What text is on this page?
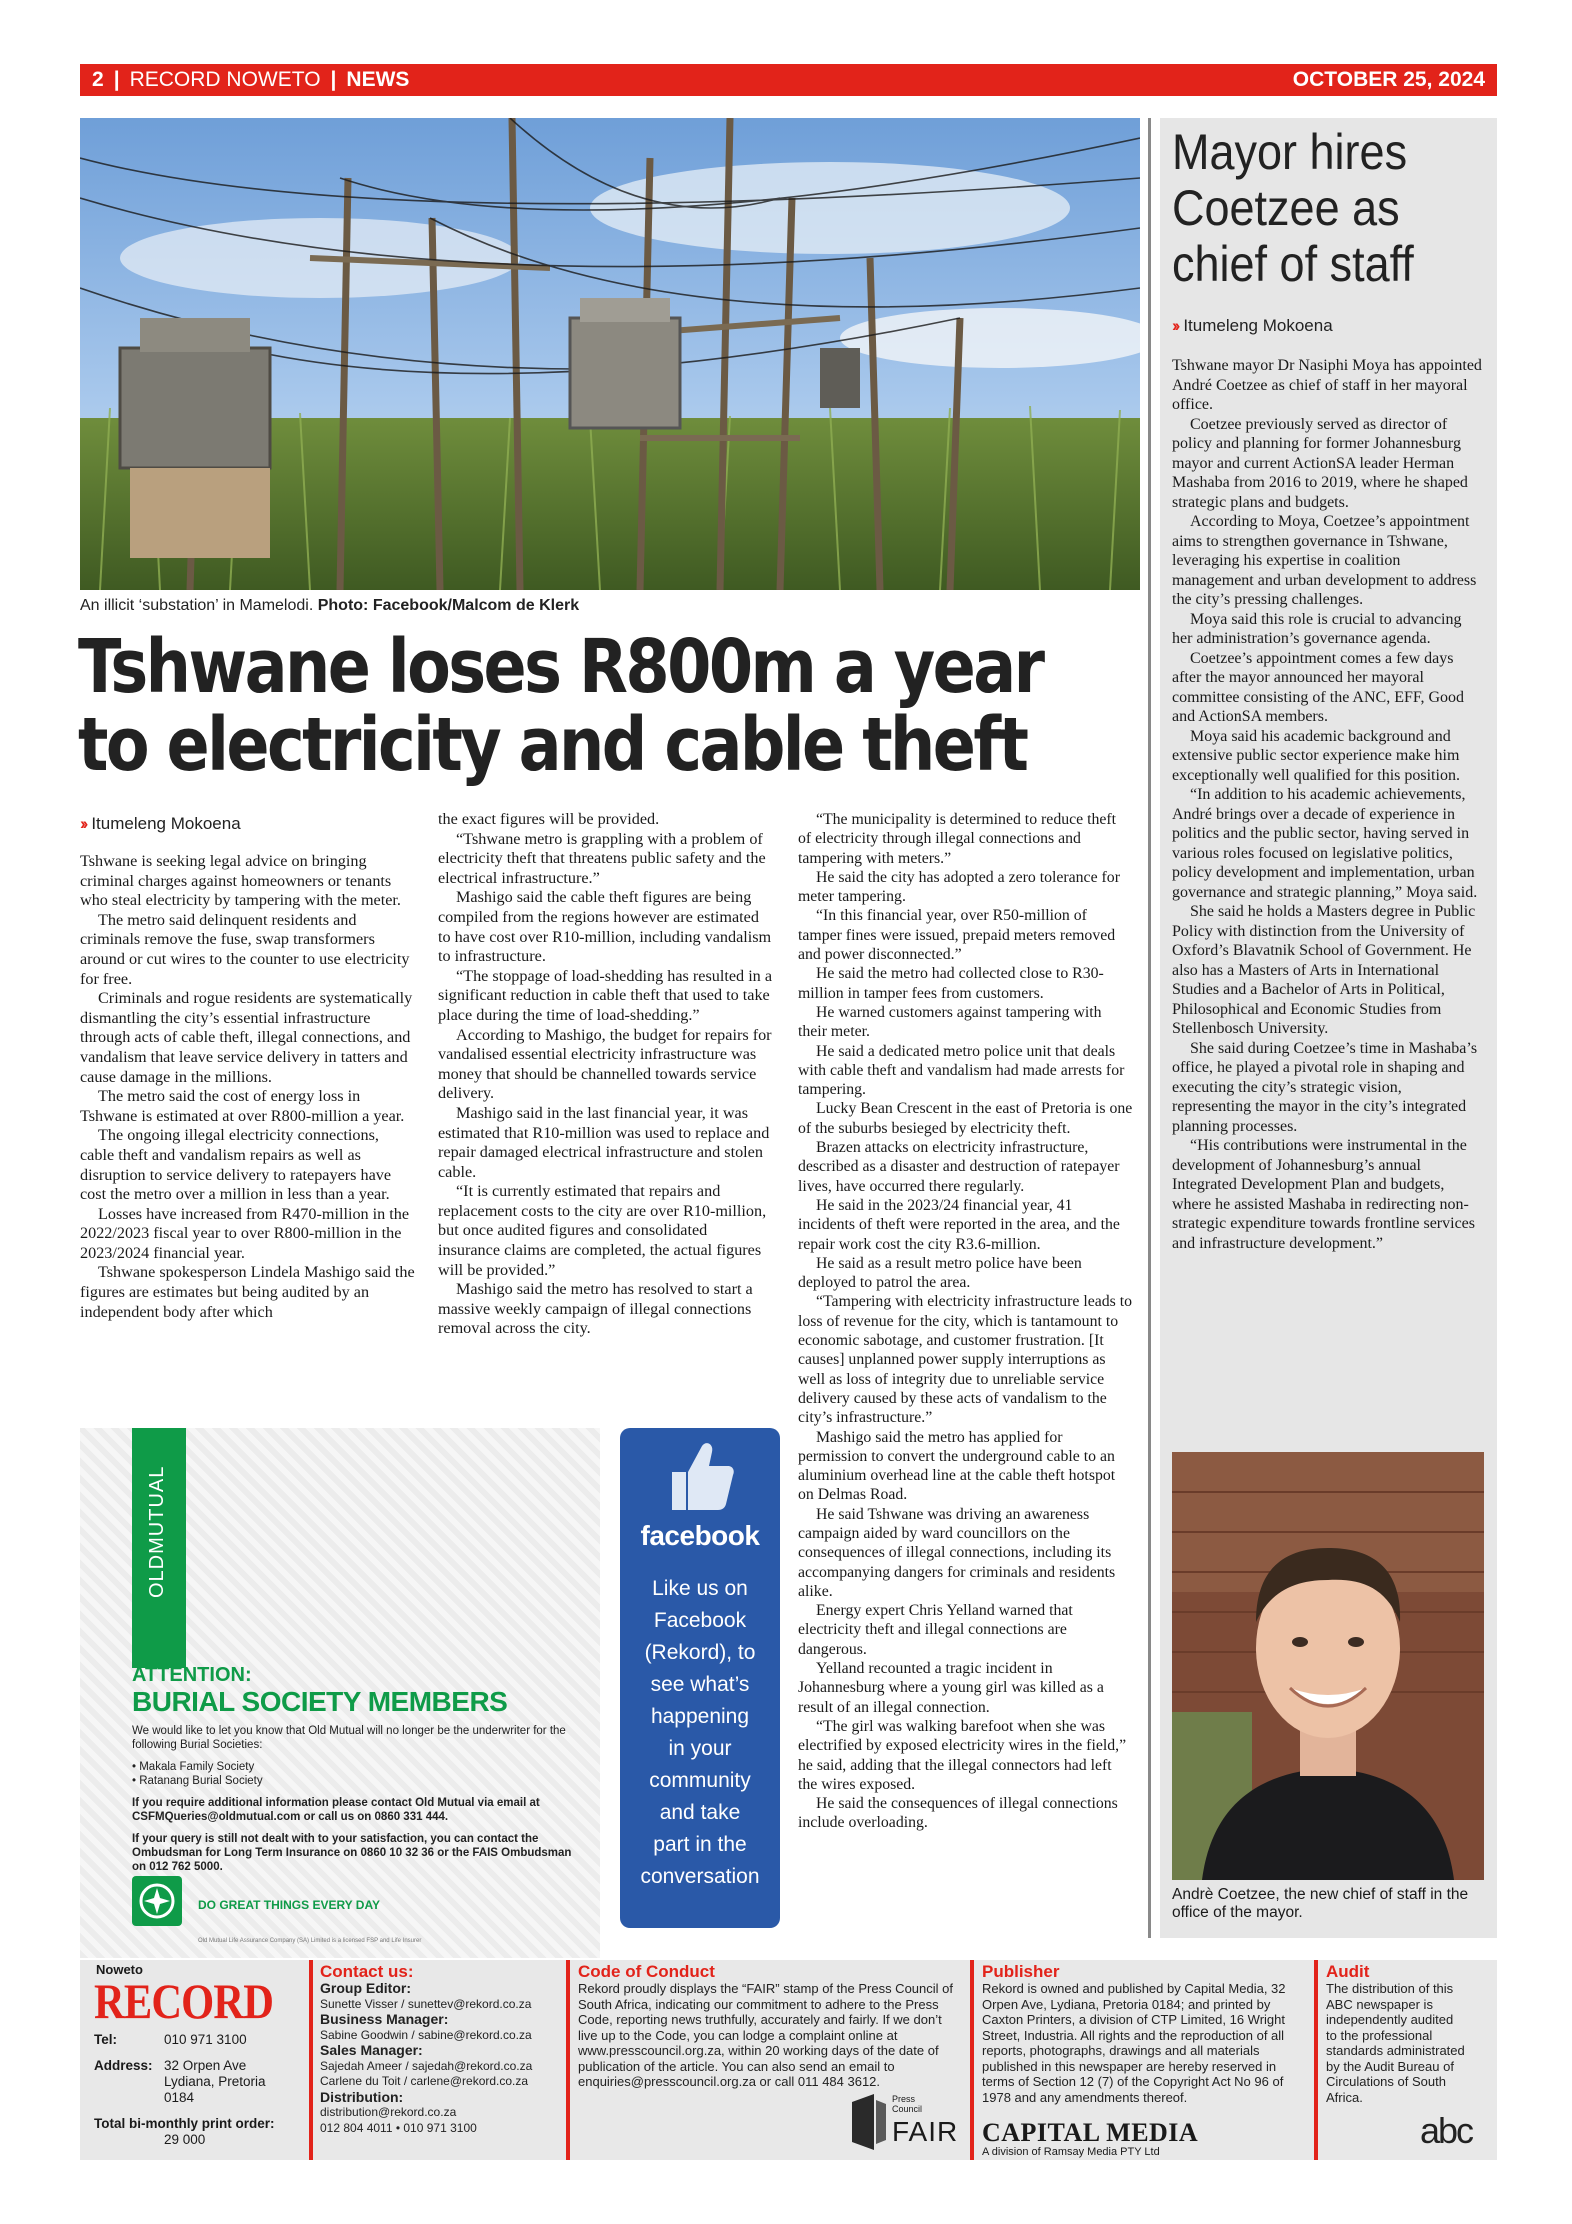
2 | RECORD NOWETO | NEWS	OCTOBER 25, 2024
An illicit ‘substation’ in Mamelodi. Photo: Facebook/Malcom de Klerk
Tshwane loses R800m a year
to electricity and cable theft
›› Itumeleng Mokoena

Tshwane is seeking legal advice on bringing criminal charges against homeowners or tenants who steal electricity by tampering with the meter.

The metro said delinquent residents and criminals remove the fuse, swap transformers around or cut wires to the counter to use electricity for free.

Criminals and rogue residents are systematically dismantling the city’s essential infrastructure through acts of cable theft, illegal connections, and vandalism that leave service delivery in tatters and cause damage in the millions.

The metro said the cost of energy loss in Tshwane is estimated at over R800-million a year.

The ongoing illegal electricity connections, cable theft and vandalism repairs as well as disruption to service delivery to ratepayers have cost the metro over a million in less than a year.

Losses have increased from R470-million in the 2022/2023 fiscal year to over R800-million in the 2023/2024 financial year.

Tshwane spokesperson Lindela Mashigo said the figures are estimates but being audited by an independent body after which

the exact figures will be provided.

“Tshwane metro is grappling with a problem of electricity theft that threatens public safety and the electrical infrastructure.”

Mashigo said the cable theft figures are being compiled from the regions however are estimated to have cost over R10-million, including vandalism to infrastructure.

“The stoppage of load-shedding has resulted in a significant reduction in cable theft that used to take place during the time of load-shedding.”

According to Mashigo, the budget for repairs for vandalised essential electricity infrastructure was money that should be channelled towards service delivery.

Mashigo said in the last financial year, it was estimated that R10-million was used to replace and repair damaged electrical infrastructure and stolen cable.

“It is currently estimated that repairs and replacement costs to the city are over R10-million, but once audited figures and consolidated insurance claims are completed, the actual figures will be provided.”

Mashigo said the metro has resolved to start a massive weekly campaign of illegal connections removal across the city.

“The municipality is determined to reduce theft of electricity through illegal connections and tampering with meters.”

He said the city has adopted a zero tolerance for meter tampering.

“In this financial year, over R50-million of tamper fines were issued, prepaid meters removed and power disconnected.”

He said the metro had collected close to R30-million in tamper fees from customers.

He warned customers against tampering with their meter.

He said a dedicated metro police unit that deals with cable theft and vandalism had made arrests for tampering.

Lucky Bean Crescent in the east of Pretoria is one of the suburbs besieged by electricity theft.

Brazen attacks on electricity infrastructure, described as a disaster and destruction of ratepayer lives, have occurred there regularly.

He said in the 2023/24 financial year, 41 incidents of theft were reported in the area, and the repair work cost the city R3.6-million.

He said as a result metro police have been deployed to patrol the area.

“Tampering with electricity infrastructure leads to loss of revenue for the city, which is tantamount to economic sabotage, and customer frustration. [It causes] unplanned power supply interruptions as well as loss of integrity due to unreliable service delivery caused by these acts of vandalism to the city’s infrastructure.”

Mashigo said the metro has applied for permission to convert the underground cable to an aluminium overhead line at the cable theft hotspot on Delmas Road.

He said Tshwane was driving an awareness campaign aided by ward councillors on the consequences of illegal connections, including its accompanying dangers for criminals and residents alike.

Energy expert Chris Yelland warned that electricity theft and illegal connections are dangerous.

Yelland recounted a tragic incident in Johannesburg where a young girl was killed as a result of an illegal connection.

“The girl was walking barefoot when she was electrified by exposed electricity wires in the field,” he said, adding that the illegal connectors had left the wires exposed.

He said the consequences of illegal connections include overloading.

OLDMUTUAL
ATTENTION:
BURIAL SOCIETY MEMBERS
We would like to let you know that Old Mutual will no longer be the underwriter for the following Burial Societies:
• Makala Family Society
• Ratanang Burial Society
If you require additional information please contact Old Mutual via email at CSFMQueries@oldmutual.com or call us on 0860 331 444.
If your query is still not dealt with to your satisfaction, you can contact the Ombudsman for Long Term Insurance on 0860 10 32 36 or the FAIS Ombudsman on 012 762 5000.
DO GREAT THINGS EVERY DAY
Old Mutual Life Assurance Company (SA) Limited is a licensed FSP and Life Insurer
facebook
Like us on
Facebook
(Rekord), to
see what’s
happening
in your
community
and take
part in the
conversation
Mayor hires
Coetzee as
chief of staff
›› Itumeleng Mokoena

Tshwane mayor Dr Nasiphi Moya has appointed André Coetzee as chief of staff in her mayoral office.

Coetzee previously served as director of policy and planning for former Johannesburg mayor and current ActionSA leader Herman Mashaba from 2016 to 2019, where he shaped strategic plans and budgets.

According to Moya, Coetzee’s appointment aims to strengthen governance in Tshwane, leveraging his expertise in coalition management and urban development to address the city’s pressing challenges.

Moya said this role is crucial to advancing her administration’s governance agenda.

Coetzee’s appointment comes a few days after the mayor announced her mayoral committee consisting of the ANC, EFF, Good and ActionSA members.

Moya said his academic background and extensive public sector experience make him exceptionally well qualified for this position.

“In addition to his academic achievements, André brings over a decade of experience in politics and the public sector, having served in various roles focused on legislative politics, policy development and implementation, urban governance and strategic planning,” Moya said.

She said he holds a Masters degree in Public Policy with distinction from the University of Oxford’s Blavatnik School of Government. He also has a Masters of Arts in International Studies and a Bachelor of Arts in Political, Philosophical and Economic Studies from Stellenbosch University.

She said during Coetzee’s time in Mashaba’s office, he played a pivotal role in shaping and executing the city’s strategic vision, representing the mayor in the city’s integrated planning processes.

“His contributions were instrumental in the development of Johannesburg’s annual Integrated Development Plan and budgets, where he assisted Mashaba in redirecting non-strategic expenditure towards frontline services and infrastructure development.”

Andrè Coetzee, the new chief of staff in the office of the mayor.
Noweto
RECORD
Tel:	010 971 3100
Address: 32 Orpen Ave
Lydiana, Pretoria
0184
Total bi-monthly print order:
29 000
Contact us:
Group Editor:
Sunette Visser / sunettev@rekord.co.za
Business Manager:
Sabine Goodwin / sabine@rekord.co.za
Sales Manager:
Sajedah Ameer / sajedah@rekord.co.za
Carlene du Toit / carlene@rekord.co.za
Distribution:
distribution@rekord.co.za
012 804 4011 • 010 971 3100
Code of Conduct
Rekord proudly displays the “FAIR” stamp of the Press Council of South Africa, indicating our commitment to adhere to the Press Code, reporting news truthfully, accurately and fairly. If we don’t live up to the Code, you can lodge a complaint online at www.presscouncil.org.za, within 20 working days of the date of publication of the article. You can also send an email to enquiries@presscouncil.org.za or call 011 484 3612.
Press Council
FAIR
Publisher
Rekord is owned and published by Capital Media, 32 Orpen Ave, Lydiana, Pretoria 0184; and printed by Caxton Printers, a division of CTP Limited, 16 Wright Street, Industria. All rights and the reproduction of all reports, photographs, drawings and all materials published in this newspaper are hereby reserved in terms of Section 12 (7) of the Copyright Act No 96 of 1978 and any amendments thereof.
CAPITAL MEDIA
A division of Ramsay Media PTY Ltd
Audit
The distribution of this ABC newspaper is independently audited to the professional standards administrated by the Audit Bureau of Circulations of South Africa.
abc
